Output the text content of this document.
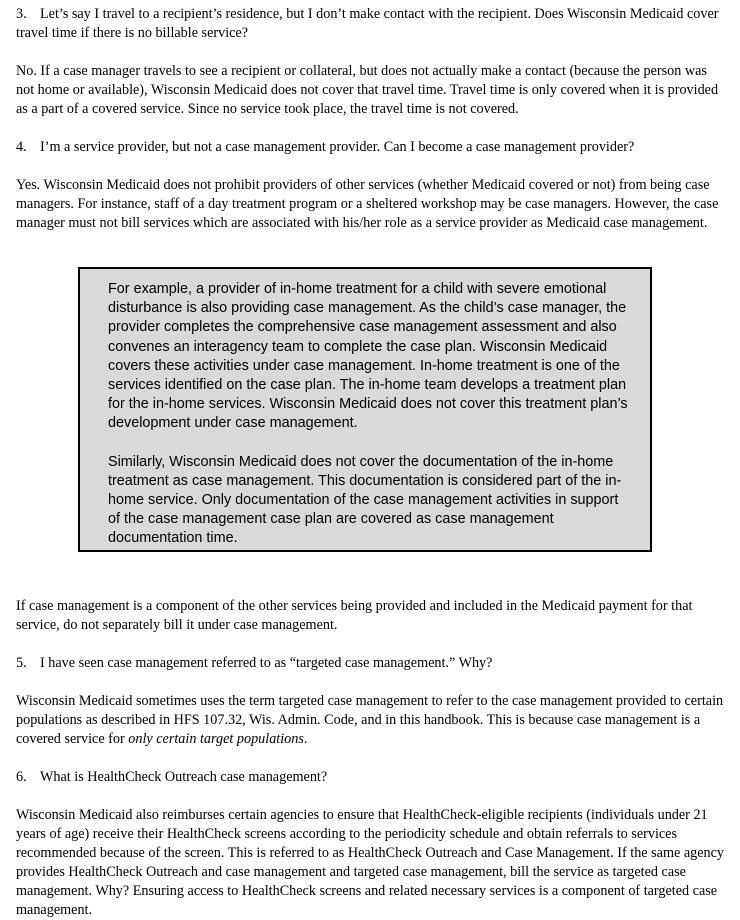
3. Let’s say I travel to a recipient’s residence, but I don’t make contact with the recipient. Does Wisconsin Medicaid cover travel time if there is no billable service?

No. If a case manager travels to see a recipient or collateral, but does not actually make a contact (because the person was not home or available), Wisconsin Medicaid does not cover that travel time. Travel time is only covered when it is provided as a part of a covered service. Since no service took place, the travel time is not covered.

4. I’m a service provider, but not a case management provider. Can I become a case management provider?

Yes. Wisconsin Medicaid does not prohibit providers of other services (whether Medicaid covered or not) from being case managers. For instance, staff of a day treatment program or a sheltered workshop may be case managers. However, the case manager must not bill services which are associated with his/her role as a service provider as Medicaid case management.

For example, a provider of in-home treatment for a child with severe emotional disturbance is also providing case management. As the child’s case manager, the provider completes the comprehensive case management assessment and also convenes an interagency team to complete the case plan. Wisconsin Medicaid covers these activities under case management. In-home treatment is one of the services identified on the case plan. The in-home team develops a treatment plan for the in-home services. Wisconsin Medicaid does not cover this treatment plan’s development under case management.

Similarly, Wisconsin Medicaid does not cover the documentation of the in-home treatment as case management. This documentation is considered part of the in-home service. Only documentation of the case management activities in support of the case management case plan are covered as case management documentation time.

If case management is a component of the other services being provided and included in the Medicaid payment for that service, do not separately bill it under case management.

5. I have seen case management referred to as “targeted case management.” Why?

Wisconsin Medicaid sometimes uses the term targeted case management to refer to the case management provided to certain populations as described in HFS 107.32, Wis. Admin. Code, and in this handbook. This is because case management is a covered service for only certain target populations.

6. What is HealthCheck Outreach case management?

Wisconsin Medicaid also reimburses certain agencies to ensure that HealthCheck-eligible recipients (individuals under 21 years of age) receive their HealthCheck screens according to the periodicity schedule and obtain referrals to services recommended because of the screen. This is referred to as HealthCheck Outreach and Case Management. If the same agency provides HealthCheck Outreach and case management and targeted case management, bill the service as targeted case management. Why? Ensuring access to HealthCheck screens and related necessary services is a component of targeted case management.
